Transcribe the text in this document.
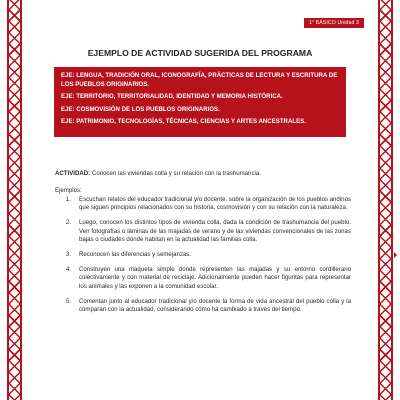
1° BÁSICO Unidad 3
EJEMPLO DE ACTIVIDAD SUGERIDA DEL PROGRAMA
EJE: LENGUA, TRADICIÓN ORAL, ICONOGRAFÍA, PRÁCTICAS DE LECTURA Y ESCRITURA DE LOS PUEBLOS ORIGINARIOS.
EJE: TERRITORIO, TERRITORIALIDAD, IDENTIDAD Y MEMORIA HISTÓRICA.
EJE: COSMOVISIÓN DE LOS PUEBLOS ORIGINARIOS.
EJE: PATRIMONIO, TECNOLOGÍAS, TÉCNICAS, CIENCIAS Y ARTES ANCESTRALES.
ACTIVIDAD: Conocen las viviendas colla y su relación con la trashumancia.
Ejemplos:
1.	Escuchan relatos del educador tradicional y/o docente, sobre la organización de los pueblos andinos que siguen principios relacionados con su historia, cosmovisión y con su relación con la naturaleza.
2.	Luego, conocen los distintos tipos de vivienda colla, dada la condición de trashumancia del pueblo. Ven fotografías o láminas de las majadas de verano y de las viviendas convencionales de las zonas bajas o ciudades donde habitan en la actualidad las familias colla.
3.	Reconocen las diferencias y semejanzas.
4.	Construyen una maqueta simple donde representen las majadas y su entorno cordillerano colectivamente y con material de reciclaje. Adicionalmente pueden hacer figuritas para representar los animales y las exponen a la comunidad escolar.
5.	Comentan junto al educador tradicional y/o docente la forma de vida ancestral del pueblo colla y la comparan con la actualidad, considerando cómo ha cambiado a través del tiempo.
